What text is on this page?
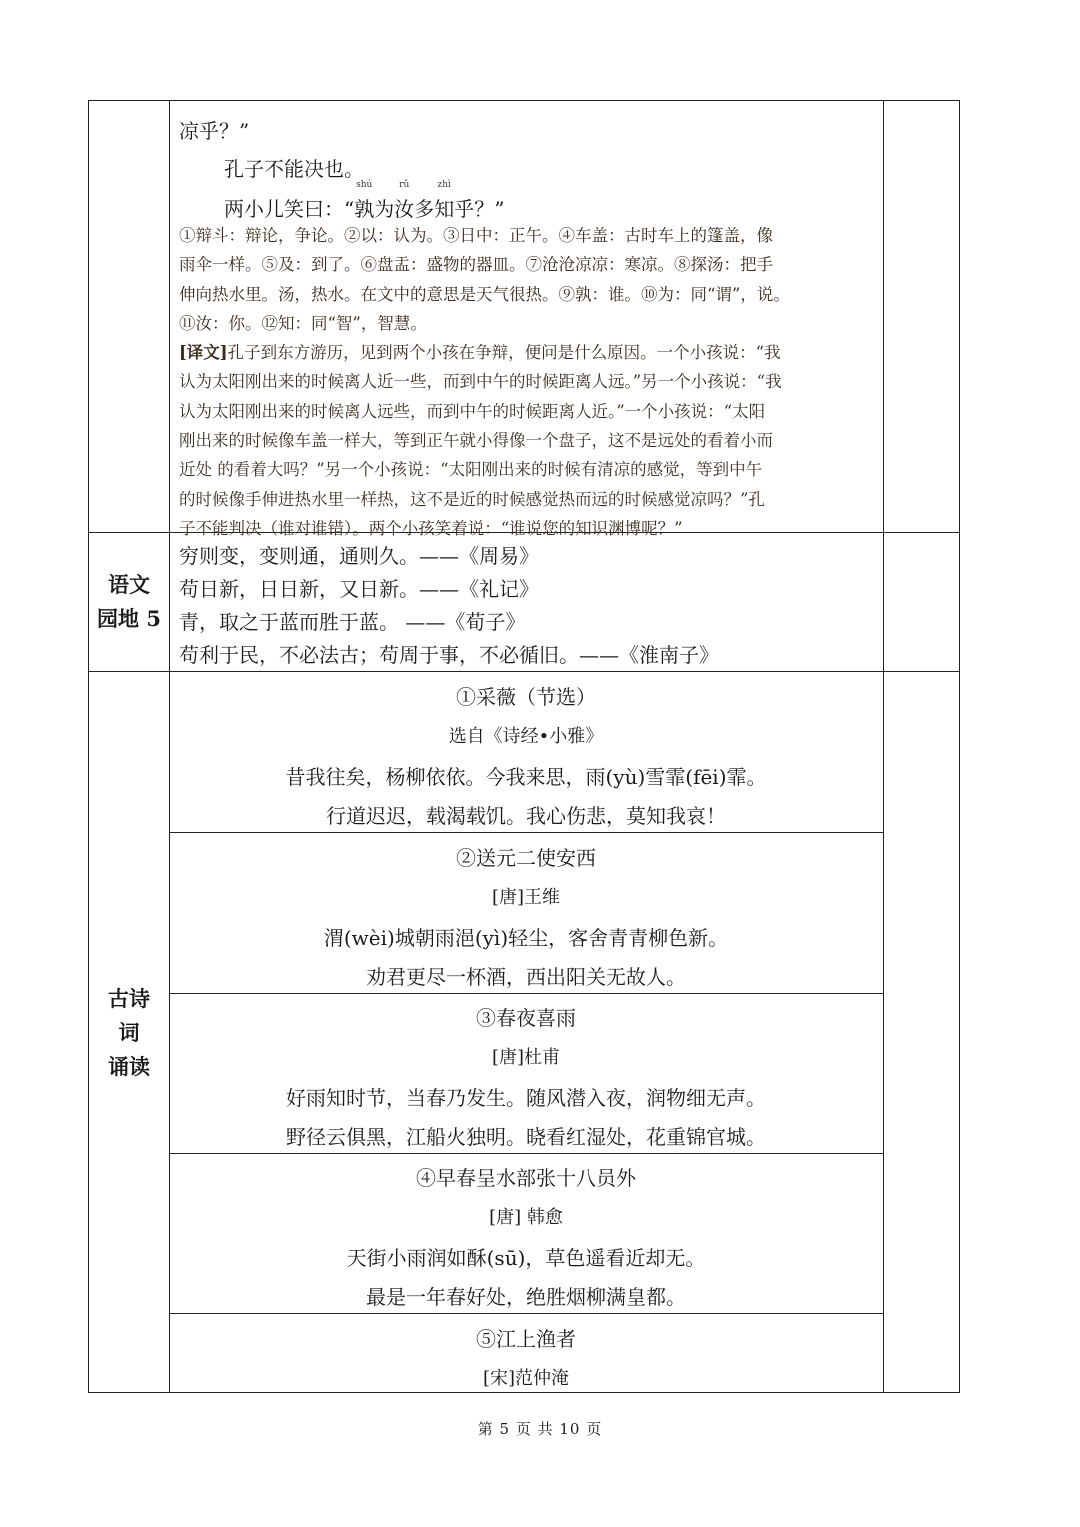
凉乎？”
孔子不能决也。
两小儿笑曰：“
shú
孰
为
rǔ
汝
多
zhì
知乎？”

①辩斗：辩论，争论。②以：认为。③日中：正午。④车盖：古时车上的篷盖，像

雨伞一样。⑤及：到了。⑥盘盂：盛物的器皿。⑦沧沧凉凉：寒凉。⑧探汤：把手

伸向热水里。汤，热水。在文中的意思是天气很热。⑨孰：谁。⑩为：同“谓”，说。

⑪汝：你。⑫知：同“智”，智慧。

[译文]孔子到东方游历，见到两个小孩在争辩，便问是什么原因。一个小孩说：“我

认为太阳刚出来的时候离人近一些，而到中午的时候距离人远。”另一个小孩说：“我

认为太阳刚出来的时候离人远些，而到中午的时候距离人近。”一个小孩说：“太阳

刚出来的时候像车盖一样大，等到正午就小得像一个盘子，这不是远处的看着小而

近处 的看着大吗？”另一个小孩说：“太阳刚出来的时候有清凉的感觉，等到中午

的时候像手伸进热水里一样热，这不是近的时候感觉热而远的时候感觉凉吗？”孔

子不能判决（谁对谁错）。两个小孩笑着说：“谁说您的知识渊博呢？”

语文
园地 5
穷则变，变则通，通则久。——《周易》
苟日新，日日新，又日新。——《礼记》
青，取之于蓝而胜于蓝。 ——《荀子》
苟利于民，不必法古；苟周于事，不必循旧。——《淮南子》
古诗
词
诵读
①采薇（节选）
选自《诗经•小雅》
昔我往矣，杨柳依依。今我来思，雨(yù)雪霏(fēi)霏。
行道迟迟，载渴载饥。我心伤悲，莫知我哀！
②送元二使安西
[唐]王维
渭(wèi)城朝雨浥(yì)轻尘，客舍青青柳色新。
劝君更尽一杯酒，西出阳关无故人。
③春夜喜雨
[唐]杜甫
好雨知时节，当春乃发生。随风潜入夜，润物细无声。
野径云俱黑，江船火独明。晓看红湿处，花重锦官城。
④早春呈水部张十八员外
[唐] 韩愈
天街小雨润如酥(sū)，草色遥看近却无。
最是一年春好处，绝胜烟柳满皇都。
⑤江上渔者
[宋]范仲淹
第 5 页 共 10 页
